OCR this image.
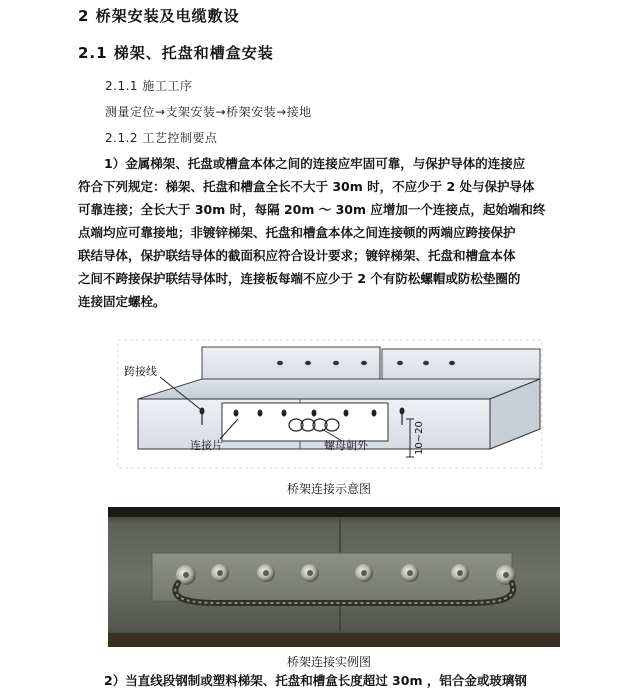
2 桥架安装及电缆敷设
2.1 梯架、托盘和槽盒安装
2.1.1 施工工序
测量定位→支架安装→桥架安装→接地
2.1.2 工艺控制要点
1）金属梯架、托盘或槽盒本体之间的连接应牢固可靠，与保护导体的连接应
符合下列规定：梯架、托盘和槽盒全长不大于 30m 时，不应少于 2 处与保护导体
可靠连接；全长大于 30m 时，每隔 20m ～ 30m 应增加一个连接点，起始端和终
点端均应可靠接地；非镀锌梯架、托盘和槽盒本体之间连接顿的两端应跨接保护
联结导体，保护联结导体的截面积应符合设计要求；镀锌梯架、托盘和槽盒本体
之间不跨接保护联结导体时，连接板每端不应少于 2 个有防松螺帽或防松垫圈的
连接固定螺栓。
跨接线
连接片	螺母朝外	10~20
桥架连接示意图
桥架连接实例图
2）当直线段钢制或塑料梯架、托盘和槽盒长度超过 30m ，铝合金或玻璃钢
